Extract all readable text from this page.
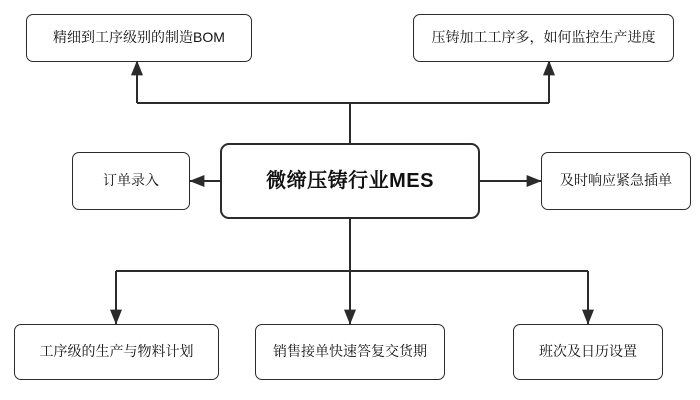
精细到工序级别的制造BOM	压铸加工工序多，如何监控生产进度
微缔压铸行业MES
订单录入	及时响应紧急插单
工序级的生产与物料计划	销售接单快速答复交货期	班次及日历设置
